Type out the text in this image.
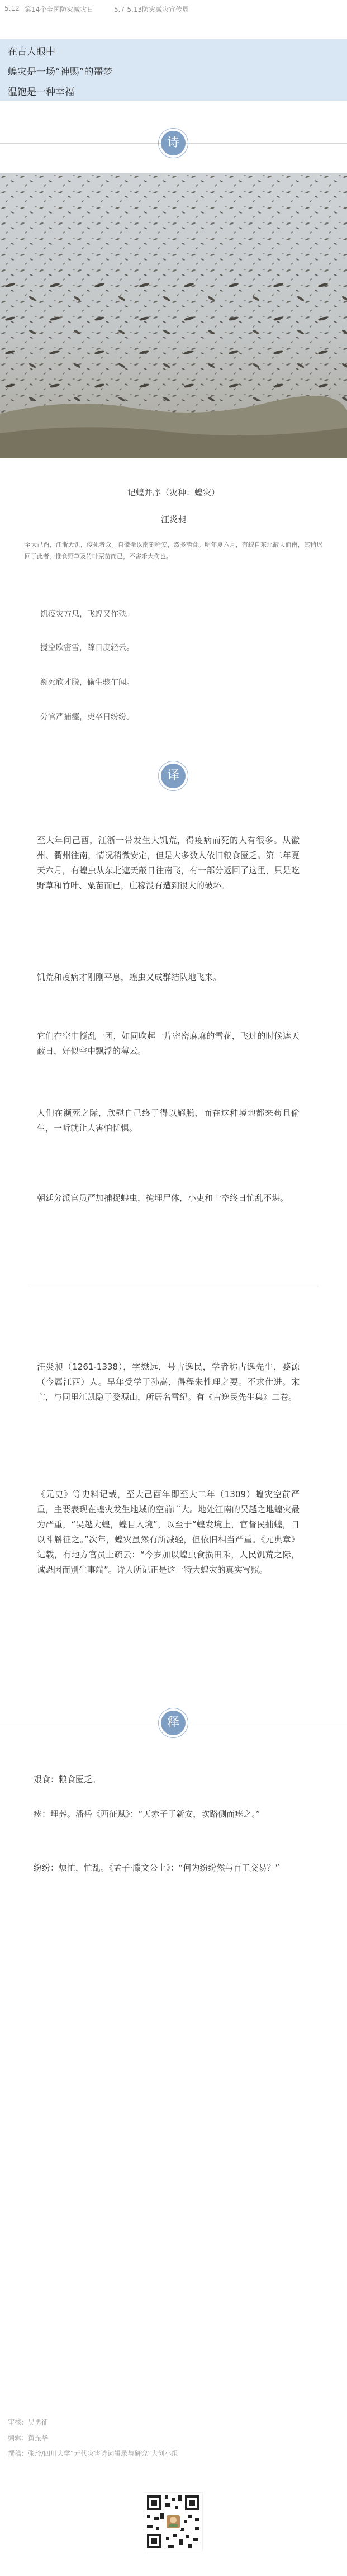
5.12 第14个全国防灾减灾日	5.7-5.13防灾减灾宣传周
在古人眼中
蝗灾是一场“神赐”的噩梦
温饱是一种幸福
诗
记蝗并序（灾种：蝗灾）
汪炎昶
至大己酉，江浙大饥，疫死者众。自徽衢以南刻稍安，然多萌食。明年夏六月，有蝗自东北蔽天而南，其稍迟回于此者，惟食野草及竹叶粟苗而已，不害禾大伤也。
饥疫灾方息，飞蝗又作殃。
搅空欧密雪，蹿日度轻云。
濒死欣才脱，偷生骇乍闻。
分官严捕瘗，吏卒日纷纷。
译
至大年间己酉，江浙一带发生大饥荒，得疫病而死的人有很多。从徽州、衢州往南，情况稍微安定，但是大多数人依旧粮食匮乏。第二年夏天六月，有蝗虫从东北遮天蔽日往南飞，有一部分返回了这里，只是吃野草和竹叶、粟苗而已，庄稼没有遭到很大的破坏。
饥荒和疫病才刚刚平息，蝗虫又成群结队地飞来。
它们在空中搅乱一团，如同吹起一片密密麻麻的雪花，飞过的时候遮天蔽日，好似空中飘浮的薄云。
人们在濒死之际，欣慰自己终于得以解脱，而在这种境地都来苟且偷生，一听就让人害怕忧惧。
朝廷分派官员严加捕捉蝗虫，掩埋尸体，小吏和士卒终日忙乱不堪。
汪炎昶（1261-1338），字懋远，号古逸民，学者称古逸先生，婺源（今属江西）人。早年受学于孙嵩，得程朱性理之要。不求仕进。宋亡，与同里江凯隐于婺源山，所居名雪纪。有《古逸民先生集》二卷。
《元史》等史料记载，至大己酉年即至大二年（1309）蝗灾空前严重，主要表现在蝗灾发生地域的空前广大。地处江南的吴越之地蝗灾最为严重，“吴越大蝗，蝗目入境”，以至于“蝗发境上，官督民捕蝗，日以斗斛征之。”次年，蝗灾虽然有所减轻，但依旧相当严重。《元典章》记载，有地方官员上疏云：“今岁加以蝗虫食损田禾，人民饥荒之际，诚恐因而别生事端”。诗人所记正是这一特大蝗灾的真实写照。
释
艰食：粮食匮乏。
瘗：埋葬。潘岳《西征赋》：“天赤子于新安，坎路侧而瘗之。”
纷纷：烦忙，忙乱。《孟子·滕文公上》：“何为纷纷然与百工交易？”
审核：吴勇征
编辑：黄振华
撰稿：张玲/四川大学“元代灾害诗词辑录与研究”大创小组
